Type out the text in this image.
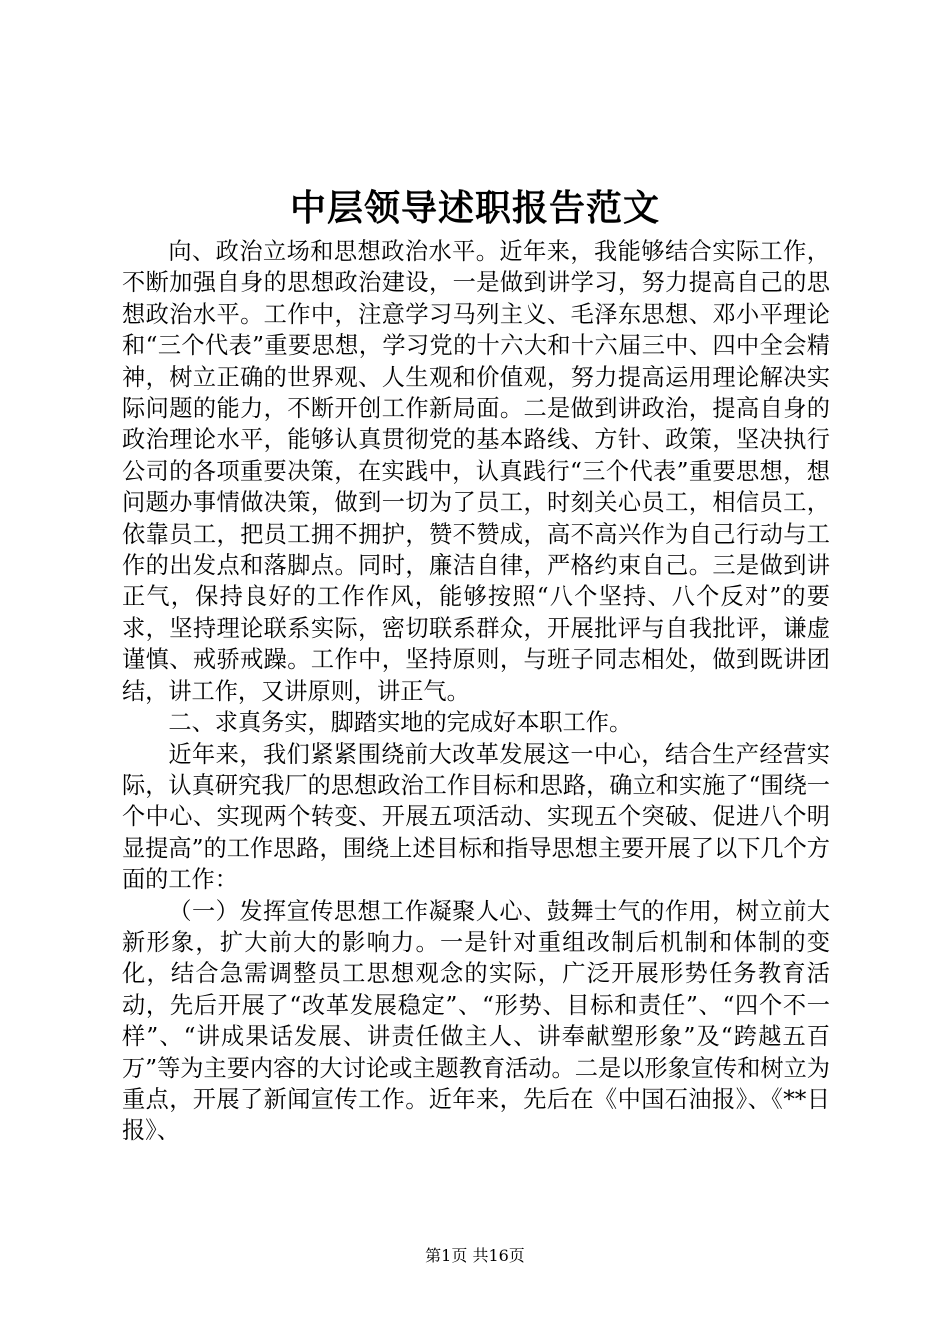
中层领导述职报告范文

向、政治立场和思想政治水平。近年来，我能够结合实际工作，不断加强自身的思想政治建设，一是做到讲学习，努力提高自己的思想政治水平。工作中，注意学习马列主义、毛泽东思想、邓小平理论和“三个代表”重要思想，学习党的十六大和十六届三中、四中全会精神，树立正确的世界观、人生观和价值观，努力提高运用理论解决实际问题的能力，不断开创工作新局面。二是做到讲政治，提高自身的政治理论水平，能够认真贯彻党的基本路线、方针、政策，坚决执行公司的各项重要决策，在实践中，认真践行“三个代表”重要思想，想问题办事情做决策，做到一切为了员工，时刻关心员工，相信员工，依靠员工，把员工拥不拥护，赞不赞成，高不高兴作为自己行动与工作的出发点和落脚点。同时，廉洁自律，严格约束自己。三是做到讲正气，保持良好的工作作风，能够按照“八个坚持、八个反对”的要求，坚持理论联系实际，密切联系群众，开展批评与自我批评，谦虚谨慎、戒骄戒躁。工作中，坚持原则，与班子同志相处，做到既讲团结，讲工作，又讲原则，讲正气。

二、求真务实，脚踏实地的完成好本职工作。

近年来，我们紧紧围绕前大改革发展这一中心，结合生产经营实际，认真研究我厂的思想政治工作目标和思路，确立和实施了“围绕一个中心、实现两个转变、开展五项活动、实现五个突破、促进八个明显提高”的工作思路，围绕上述目标和指导思想主要开展了以下几个方面的工作：

（一）发挥宣传思想工作凝聚人心、鼓舞士气的作用，树立前大新形象，扩大前大的影响力。一是针对重组改制后机制和体制的变化，结合急需调整员工思想观念的实际，广泛开展形势任务教育活动，先后开展了“改革发展稳定”、“形势、目标和责任”、“四个不一样”、“讲成果话发展、讲责任做主人、讲奉献塑形象”及“跨越五百万”等为主要内容的大讨论或主题教育活动。二是以形象宣传和树立为重点，开展了新闻宣传工作。近年来，先后在《中国石油报》、《**日报》、

第1页 共16页
